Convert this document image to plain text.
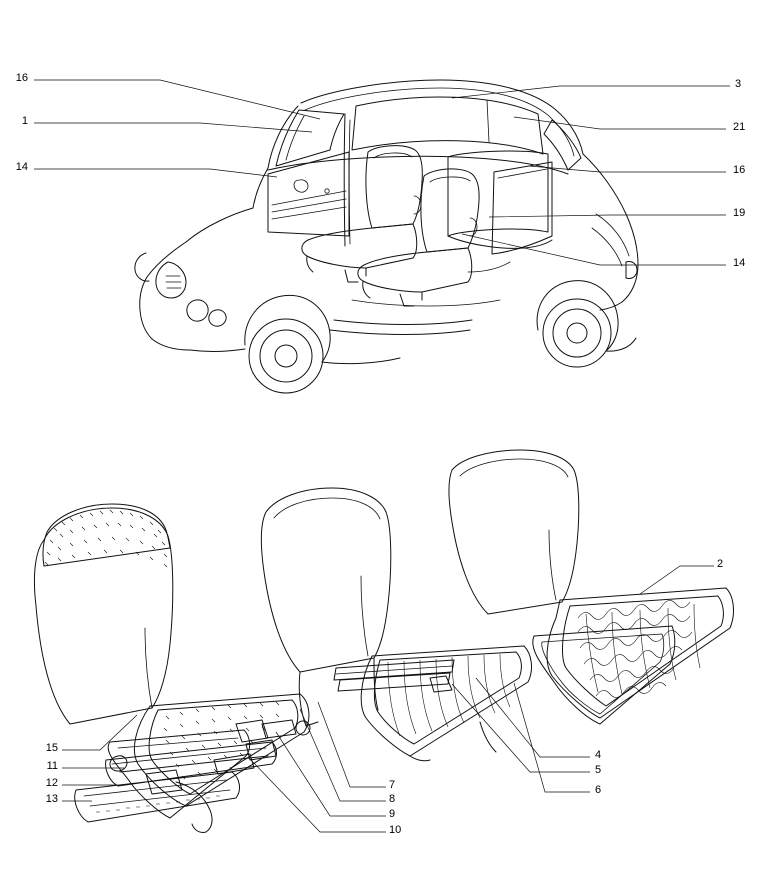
16
1
14
3
21
16
19
14
2
4
5
6
7
8
9
10
15
11
12
13
